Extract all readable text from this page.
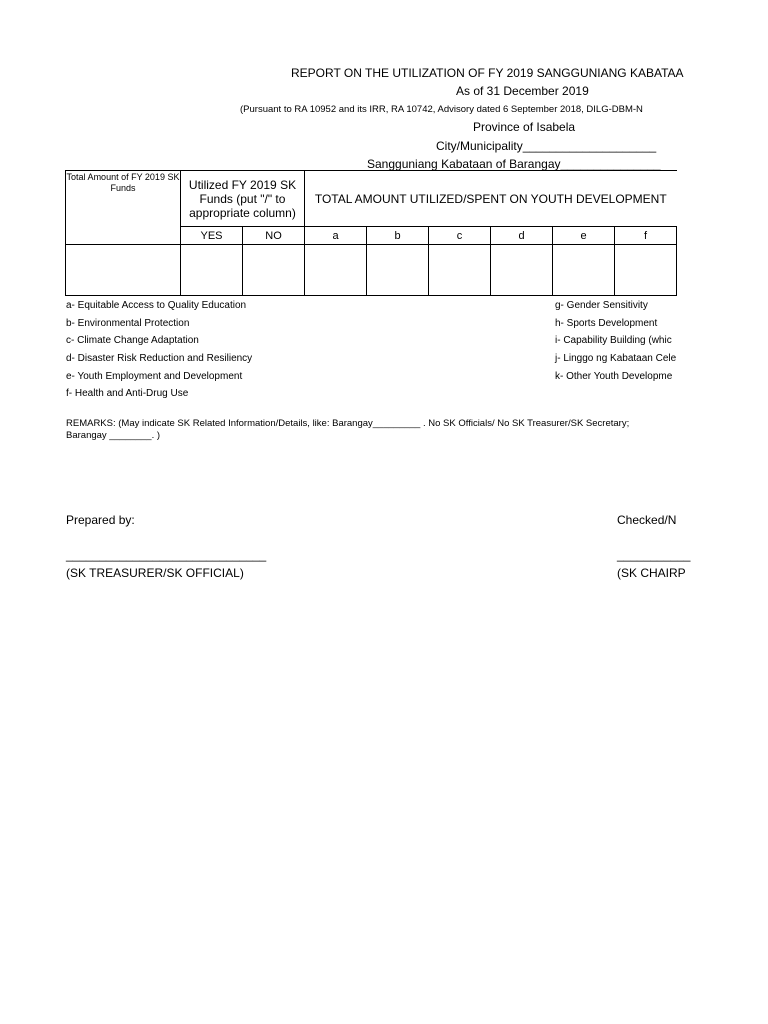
REPORT ON THE UTILIZATION OF FY 2019 SANGGUNIANG KABATAA
As of 31 December 2019
(Pursuant to RA 10952 and its IRR, RA 10742, Advisory dated 6 September 2018, DILG-DBM-N
Province of Isabela
City/Municipality____________________
Sangguniang Kabataan of Barangay_______________
Total Amount of FY 2019 SK Funds	Utilized FY 2019 SK Funds (put "/" to appropriate column)		TOTAL AMOUNT UTILIZED/SPENT ON YOUTH DEVELOPMENT					
	YES	NO	a	b	c	d	e	f

a- Equitable Access to Quality Education
b- Environmental Protection
c- Climate Change Adaptation
d- Disaster Risk Reduction and Resiliency
e- Youth Employment and Development
f- Health and Anti-Drug Use
g- Gender Sensitivity
h- Sports Development
i- Capability Building (whic
j- Linggo ng Kabataan Cele
k- Other Youth Developme
REMARKS: (May indicate SK Related Information/Details, like: Barangay_________ . No SK Officials/ No SK Treasurer/SK Secretary;
Barangay ________. )
Prepared by:
______________________________
(SK TREASURER/SK OFFICIAL)
Checked/N
___________
(SK CHAIRP
